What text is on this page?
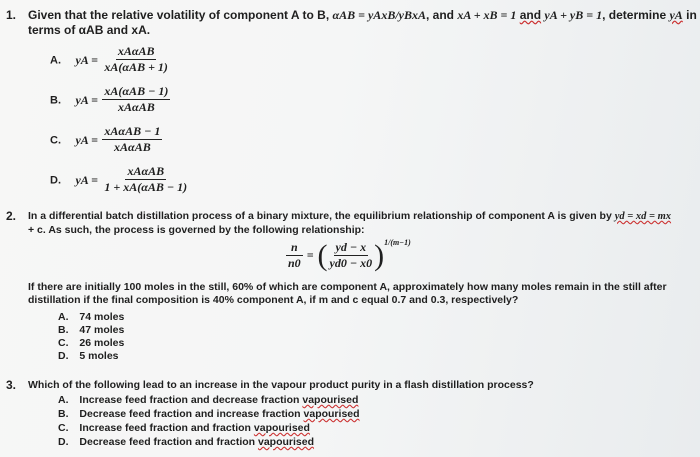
1. Given that the relative volatility of component A to B, αAB = yAxB/yBxA, and xA + xB = 1 and yA + yB = 1, determine yA in
terms of αAB and xA.
A. yA = $\frac{\text{xAαAB}}{\text{xA(αAB + 1)}}$
B. yA = $\frac{\text{xA(αAB − 1)}}{\text{xAαAB}}$
C. yA = $\frac{\text{xAαAB − 1}}{\text{xAαAB}}$
D. yA = $\frac{\text{xAαAB}}{\text{1 + xA(αAB − 1)}}$
2. In a differential batch distillation process of a binary mixture, the equilibrium relationship of component A is given by yd = xd = mx
+ c. As such, the process is governed by the following relationship:
$\frac{n}{n0}$ = ( $\frac{yd - x}{yd0 - x0}$ ) 1/(m−1)
If there are initially 100 moles in the still, 60% of which are component A, approximately how many moles remain in the still after
distillation if the final composition is 40% component A, if m and c equal 0.7 and 0.3, respectively?
A. 74 moles
B. 47 moles
C. 26 moles
D. 5 moles
3. Which of the following lead to an increase in the vapour product purity in a flash distillation process?
A. Increase feed fraction and decrease fraction vapourised
B. Decrease feed fraction and increase fraction vapourised
C. Increase feed fraction and fraction vapourised
D. Decrease feed fraction and fraction vapourised
